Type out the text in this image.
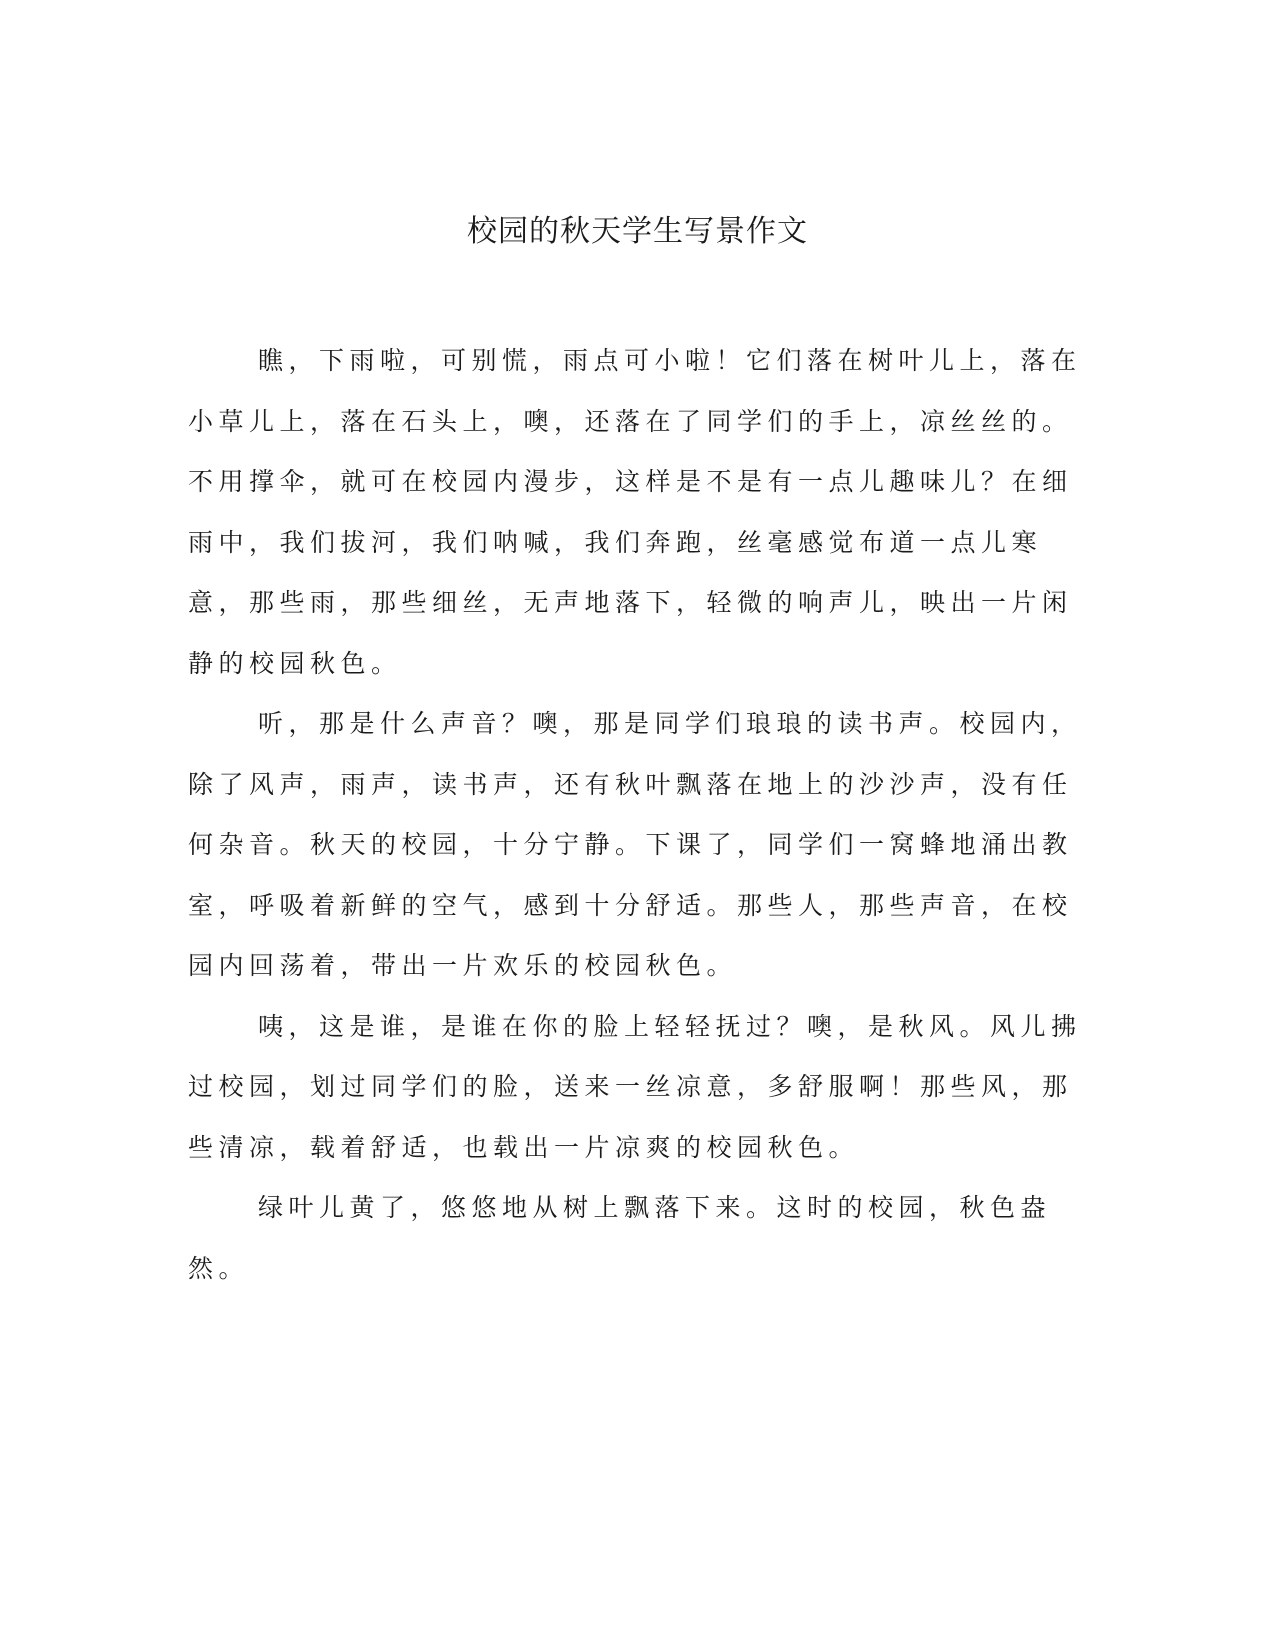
校园的秋天学生写景作文

瞧，下雨啦，可别慌，雨点可小啦！它们落在树叶儿上，落在小草儿上，落在石头上，噢，还落在了同学们的手上，凉丝丝的。不用撑伞，就可在校园内漫步，这样是不是有一点儿趣味儿？在细雨中，我们拔河，我们呐喊，我们奔跑，丝毫感觉布道一点儿寒意，那些雨，那些细丝，无声地落下，轻微的响声儿，映出一片闲静的校园秋色。

听，那是什么声音？噢，那是同学们琅琅的读书声。校园内，除了风声，雨声，读书声，还有秋叶飘落在地上的沙沙声，没有任何杂音。秋天的校园，十分宁静。下课了，同学们一窝蜂地涌出教室，呼吸着新鲜的空气，感到十分舒适。那些人，那些声音，在校园内回荡着，带出一片欢乐的校园秋色。

咦，这是谁，是谁在你的脸上轻轻抚过？噢，是秋风。风儿拂过校园，划过同学们的脸，送来一丝凉意，多舒服啊！那些风，那些清凉，载着舒适，也载出一片凉爽的校园秋色。

绿叶儿黄了，悠悠地从树上飘落下来。这时的校园，秋色盎然。
